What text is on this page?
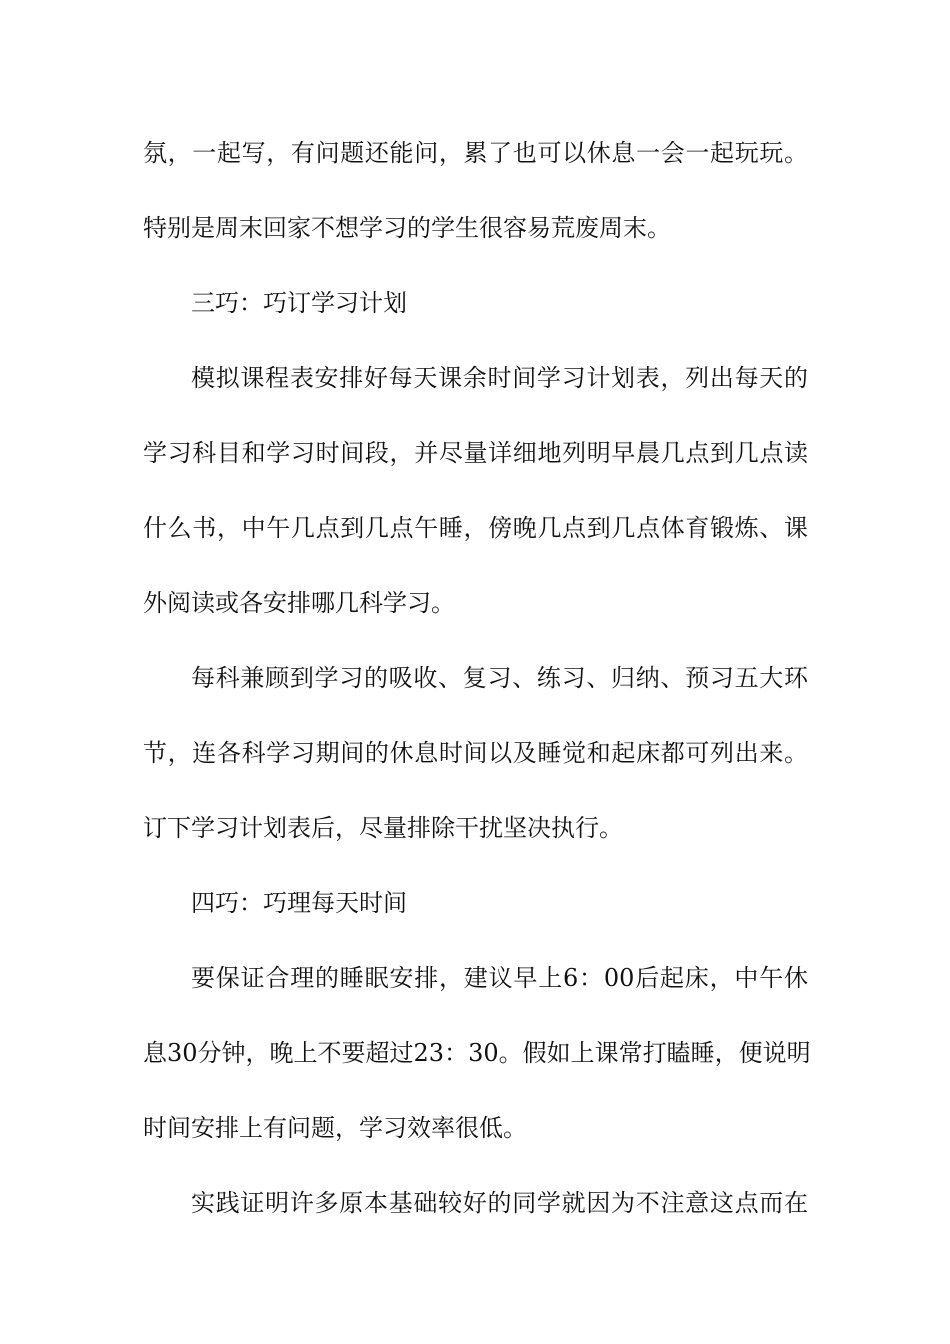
氛，一起写，有问题还能问，累了也可以休息一会一起玩玩。
特别是周末回家不想学习的学生很容易荒废周末。
三巧：巧订学习计划
模拟课程表安排好每天课余时间学习计划表，列出每天的
学习科目和学习时间段，并尽量详细地列明早晨几点到几点读
什么书，中午几点到几点午睡，傍晚几点到几点体育锻炼、课
外阅读或各安排哪几科学习。
每科兼顾到学习的吸收、复习、练习、归纳、预习五大环
节，连各科学习期间的休息时间以及睡觉和起床都可列出来。
订下学习计划表后，尽量排除干扰坚决执行。
四巧：巧理每天时间
要保证合理的睡眠安排，建议早上6：00后起床，中午休
息30分钟，晚上不要超过23：30。假如上课常打瞌睡，便说明
时间安排上有问题，学习效率很低。
实践证明许多原本基础较好的同学就因为不注意这点而在
